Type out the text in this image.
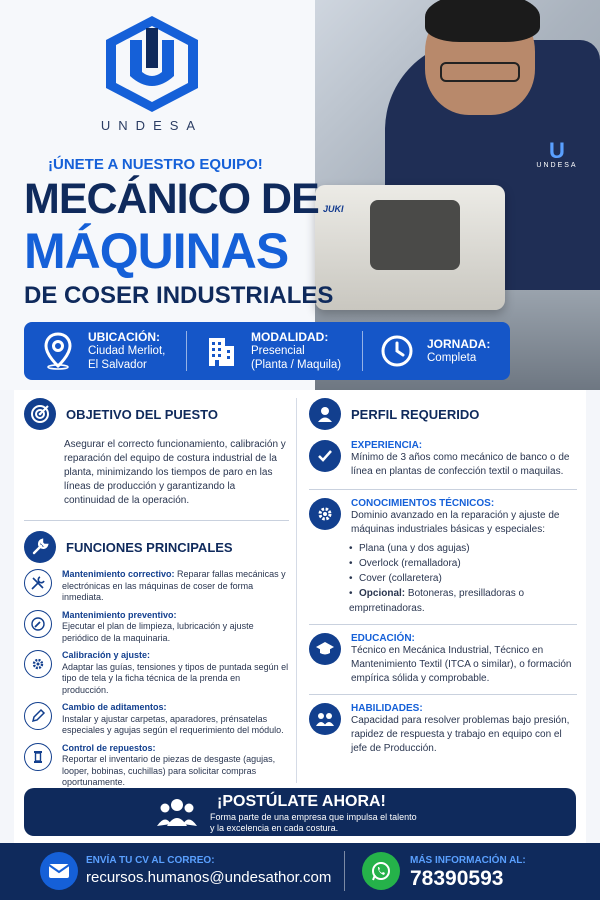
JUKI
U
UNDESA
UNDESA
¡ÚNETE A NUESTRO EQUIPO!
MECÁNICO DE
MÁQUINAS
DE COSER INDUSTRIALES
UBICACIÓN:
Ciudad Merliot,
El Salvador
MODALIDAD:
Presencial
(Planta / Maquila)
JORNADA:
Completa
OBJETIVO DEL PUESTO
Asegurar el correcto funcionamiento, calibración y reparación del equipo de costura industrial de la planta, minimizando los tiempos de paro en las líneas de producción y garantizando la continuidad de la operación.
FUNCIONES PRINCIPALES
Mantenimiento correctivo: Reparar fallas mecánicas y electrónicas en las máquinas de coser de forma inmediata.
Mantenimiento preventivo:
Ejecutar el plan de limpieza, lubricación y ajuste periódico de la maquinaria.
Calibración y ajuste:
Adaptar las guías, tensiones y tipos de puntada según el tipo de tela y la ficha técnica de la prenda en producción.
Cambio de aditamentos:
Instalar y ajustar carpetas, aparadores, prénsatelas especiales y agujas según el requerimiento del módulo.
Control de repuestos:
Reportar el inventario de piezas de desgaste (agujas, looper, bobinas, cuchillas) para solicitar compras oportunamente.
PERFIL REQUERIDO
EXPERIENCIA:
Mínimo de 3 años como mecánico de banco o de línea en plantas de confección textil o maquilas.
CONOCIMIENTOS TÉCNICOS:
Dominio avanzado en la reparación y ajuste de máquinas industriales básicas y especiales:
• Plana (una y dos agujas)
• Overlock (remalladora)
• Cover (collaretera)
• Opcional: Botoneras, presilladoras o emprretinadoras.
EDUCACIÓN:
Técnico en Mecánica Industrial, Técnico en Mantenimiento Textil (ITCA o similar), o formación empírica sólida y comprobable.
HABILIDADES:
Capacidad para resolver problemas bajo presión, rapidez de respuesta y trabajo en equipo con el jefe de Producción.
¡POSTÚLATE AHORA!
Forma parte de una empresa que impulsa el talento
y la excelencia en cada costura.
ENVÍA TU CV AL CORREO:
recursos.humanos@undesathor.com
MÁS INFORMACIÓN AL:
78390593
